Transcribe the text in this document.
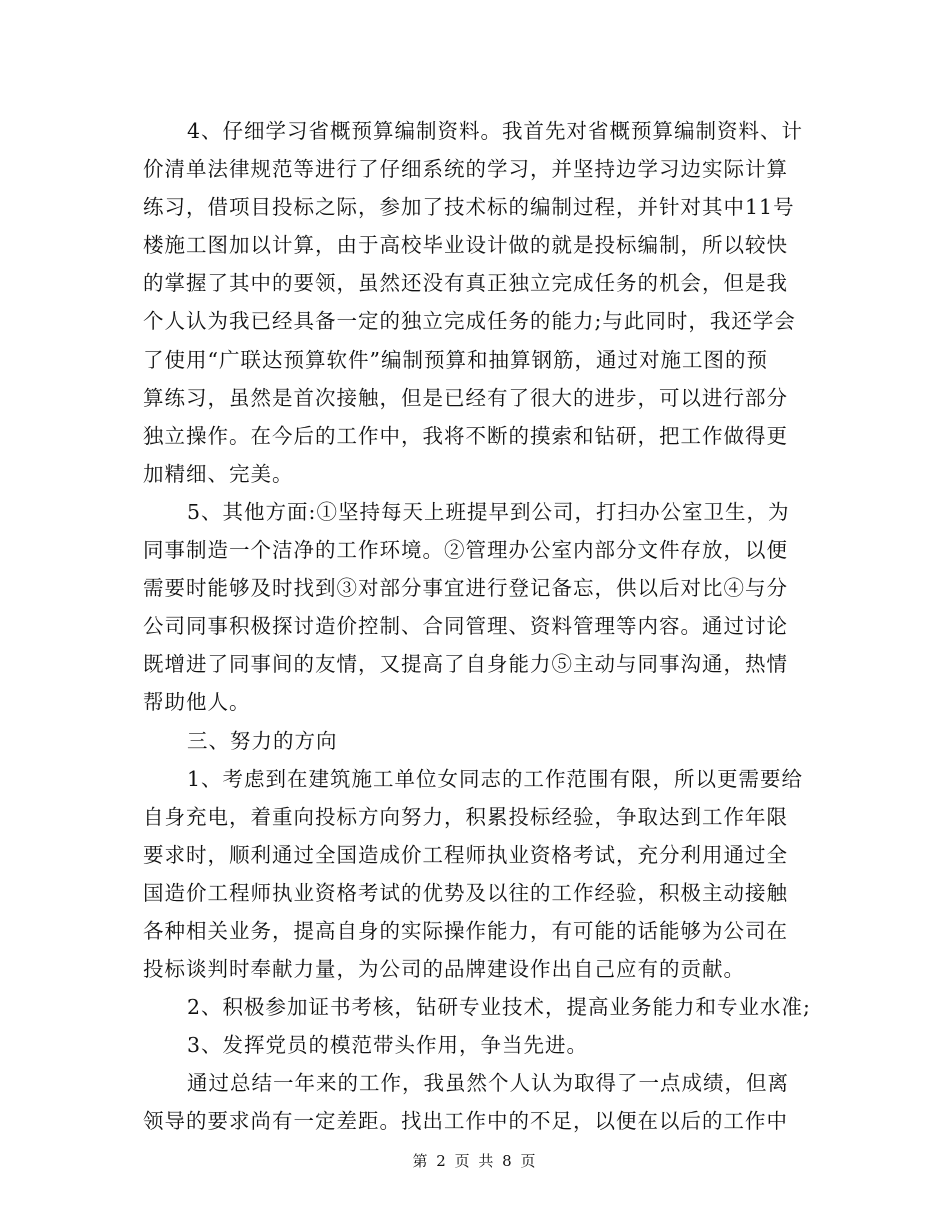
4、仔细学习省概预算编制资料。我首先对省概预算编制资料、计
价清单法律规范等进行了仔细系统的学习，并坚持边学习边实际计算
练习，借项目投标之际，参加了技术标的编制过程，并针对其中11号
楼施工图加以计算，由于高校毕业设计做的就是投标编制，所以较快
的掌握了其中的要领，虽然还没有真正独立完成任务的机会，但是我
个人认为我已经具备一定的独立完成任务的能力;与此同时，我还学会
了使用“广联达预算软件”编制预算和抽算钢筋，通过对施工图的预
算练习，虽然是首次接触，但是已经有了很大的进步，可以进行部分
独立操作。在今后的工作中，我将不断的摸索和钻研，把工作做得更
加精细、完美。
5、其他方面:①坚持每天上班提早到公司，打扫办公室卫生，为
同事制造一个洁净的工作环境。②管理办公室内部分文件存放，以便
需要时能够及时找到③对部分事宜进行登记备忘，供以后对比④与分
公司同事积极探讨造价控制、合同管理、资料管理等内容。通过讨论
既增进了同事间的友情，又提高了自身能力⑤主动与同事沟通，热情
帮助他人。
三、努力的方向
1、考虑到在建筑施工单位女同志的工作范围有限，所以更需要给
自身充电，着重向投标方向努力，积累投标经验，争取达到工作年限
要求时，顺利通过全国造成价工程师执业资格考试，充分利用通过全
国造价工程师执业资格考试的优势及以往的工作经验，积极主动接触
各种相关业务，提高自身的实际操作能力，有可能的话能够为公司在
投标谈判时奉献力量，为公司的品牌建设作出自己应有的贡献。
2、积极参加证书考核，钻研专业技术，提高业务能力和专业水准;
3、发挥党员的模范带头作用，争当先进。
通过总结一年来的工作，我虽然个人认为取得了一点成绩，但离
领导的要求尚有一定差距。找出工作中的不足，以便在以后的工作中
第 2 页 共 8 页
